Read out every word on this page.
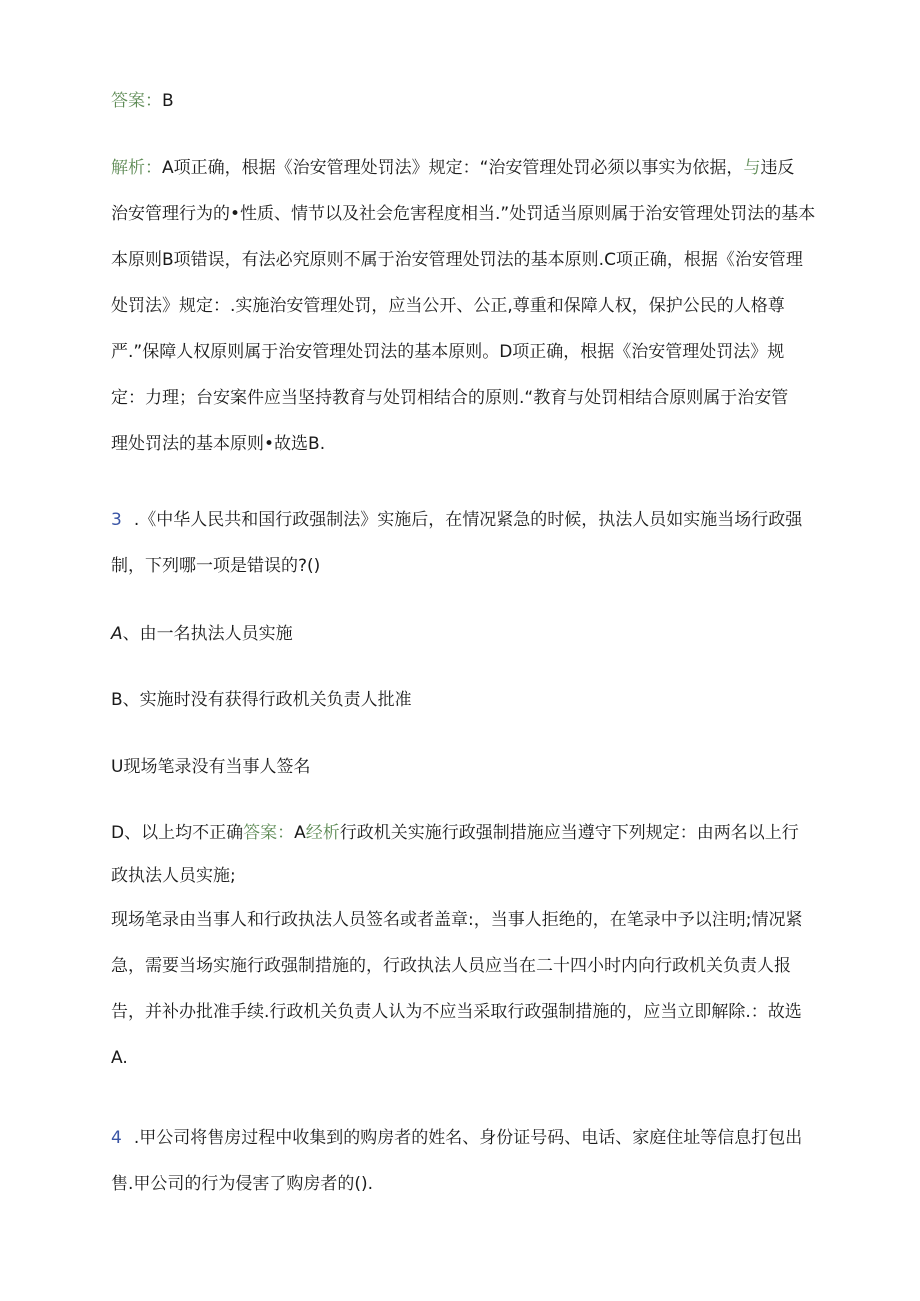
答案：B
解析：A项正确，根据《治安管理处罚法》规定：“治安管理处罚必须以事实为依据，与违反
治安管理行为的•性质、情节以及社会危害程度相当.”处罚适当原则属于治安管理处罚法的基本
本原则B项错误，有法必究原则不属于治安管理处罚法的基本原则.C项正确，根据《治安管理
处罚法》规定：.实施治安管理处罚，应当公开、公正,尊重和保障人权，保护公民的人格尊
严.”保障人权原则属于治安管理处罚法的基本原则。D项正确，根据《治安管理处罚法》规
定：力理；台安案件应当坚持教育与处罚相结合的原则.“教育与处罚相结合原则属于治安管
理处罚法的基本原则•故选B.
3 .《中华人民共和国行政强制法》实施后，在情况紧急的时候，执法人员如实施当场行政强
制，下列哪一项是错误的?()
A、由一名执法人员实施
B、实施时没有获得行政机关负责人批准
U现场笔录没有当事人签名
D、以上均不正确答案：A经析行政机关实施行政强制措施应当遵守下列规定：由两名以上行
政执法人员实施;
现场笔录由当事人和行政执法人员签名或者盖章:，当事人拒绝的，在笔录中予以注明;情况紧
急，需要当场实施行政强制措施的，行政执法人员应当在二十四小时内向行政机关负责人报
告，并补办批准手续.行政机关负责人认为不应当采取行政强制措施的，应当立即解除.：故选
A.
4 .甲公司将售房过程中收集到的购房者的姓名、身份证号码、电话、家庭住址等信息打包出
售.甲公司的行为侵害了购房者的().
